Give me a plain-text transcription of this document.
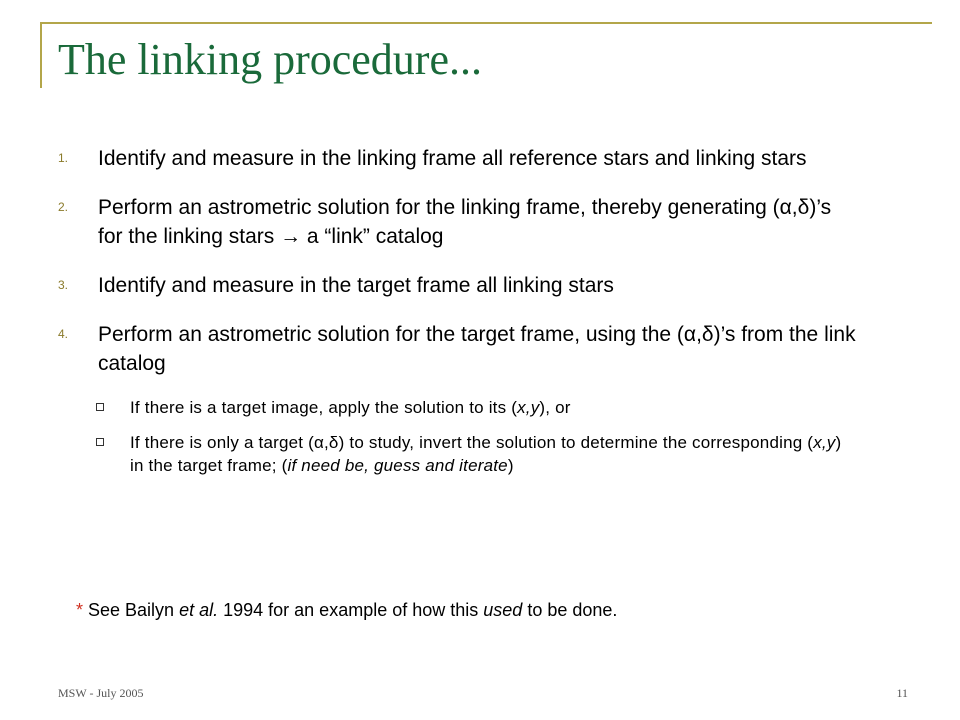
The linking procedure...
1. Identify and measure in the linking frame all reference stars and linking stars
2. Perform an astrometric solution for the linking frame, thereby generating (α,δ)’s for the linking stars → a “link” catalog
3. Identify and measure in the target frame all linking stars
4. Perform an astrometric solution for the target frame, using the (α,δ)’s from the link catalog
If there is a target image, apply the solution to its (x,y), or
If there is only a target (α,δ) to study, invert the solution to determine the corresponding (x,y) in the target frame; (if need be, guess and iterate)
* See Bailyn et al. 1994 for an example of how this used to be done.
MSW - July 2005	11
